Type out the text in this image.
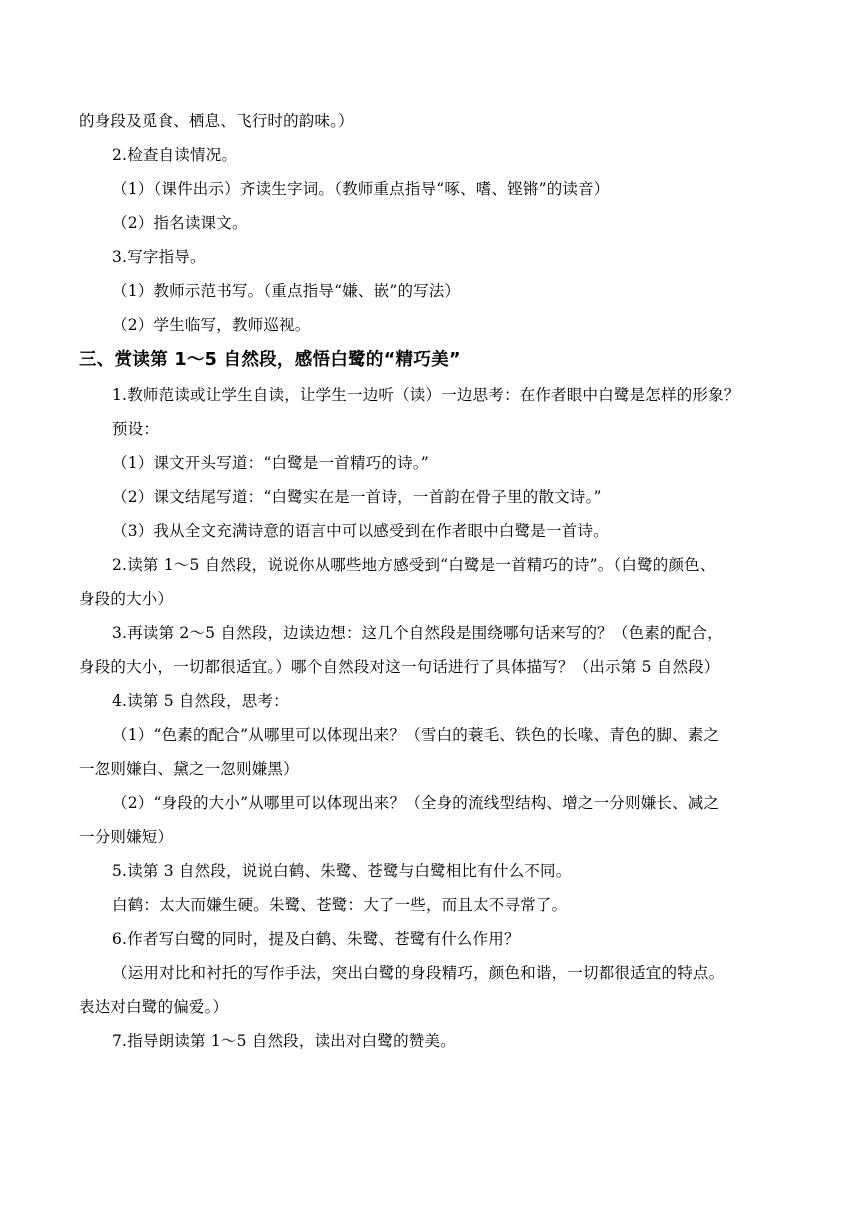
的身段及觅食、栖息、飞行时的韵味。）
2.检查自读情况。
（1）（课件出示）齐读生字词。（教师重点指导“啄、嗜、铿锵”的读音）
（2）指名读课文。
3.写字指导。
（1）教师示范书写。（重点指导“嫌、嵌”的写法）
（2）学生临写，教师巡视。
三、赏读第 1～5 自然段，感悟白鹭的“精巧美”
1.教师范读或让学生自读，让学生一边听（读）一边思考：在作者眼中白鹭是怎样的形象？
预设：
（1）课文开头写道：“白鹭是一首精巧的诗。”
（2）课文结尾写道：“白鹭实在是一首诗，一首韵在骨子里的散文诗。”
（3）我从全文充满诗意的语言中可以感受到在作者眼中白鹭是一首诗。
2.读第 1～5 自然段，说说你从哪些地方感受到“白鹭是一首精巧的诗”。（白鹭的颜色、
身段的大小）
3.再读第 2～5 自然段，边读边想：这几个自然段是围绕哪句话来写的？（色素的配合，
身段的大小，一切都很适宜。）哪个自然段对这一句话进行了具体描写？（出示第 5 自然段）
4.读第 5 自然段，思考：
（1）“色素的配合”从哪里可以体现出来？（雪白的蓑毛、铁色的长喙、青色的脚、素之
一忽则嫌白、黛之一忽则嫌黑）
（2）“身段的大小”从哪里可以体现出来？（全身的流线型结构、增之一分则嫌长、减之
一分则嫌短）
5.读第 3 自然段，说说白鹤、朱鹭、苍鹭与白鹭相比有什么不同。
白鹤：太大而嫌生硬。朱鹭、苍鹭：大了一些，而且太不寻常了。
6.作者写白鹭的同时，提及白鹤、朱鹭、苍鹭有什么作用？
（运用对比和衬托的写作手法，突出白鹭的身段精巧，颜色和谐，一切都很适宜的特点。
表达对白鹭的偏爱。）
7.指导朗读第 1～5 自然段，读出对白鹭的赞美。
